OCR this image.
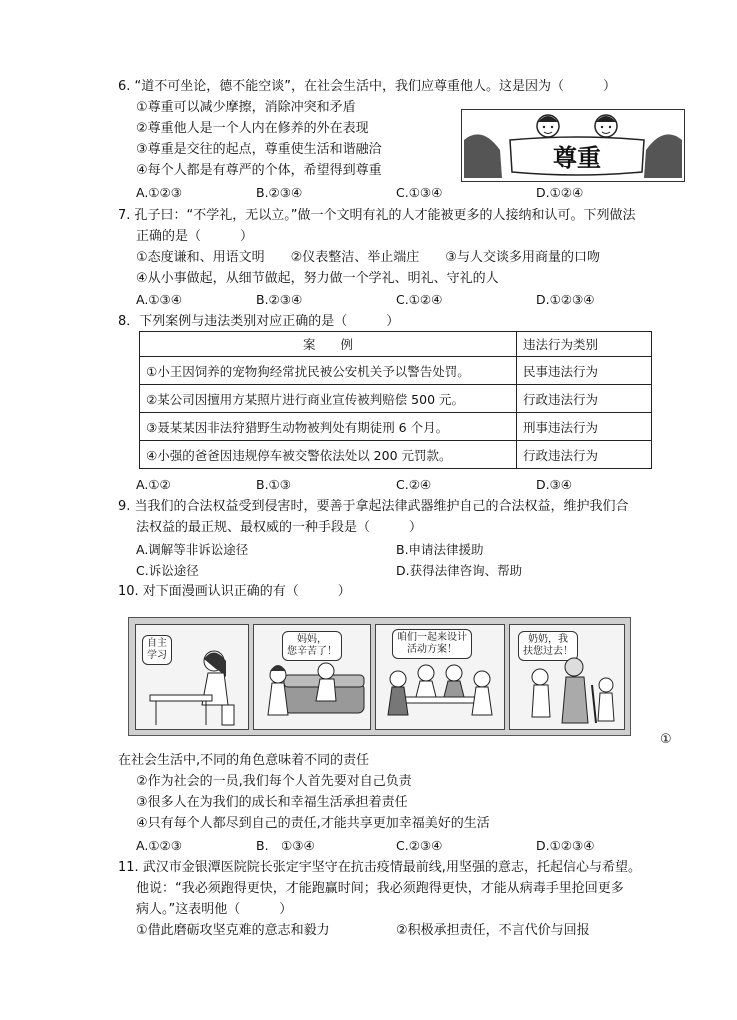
6. “道不可坐论，德不能空谈”，在社会生活中，我们应尊重他人。这是因为（　　　）
①尊重可以减少摩擦，消除冲突和矛盾
②尊重他人是一个人内在修养的外在表现
③尊重是交往的起点，尊重使生活和谐融洽
④每个人都是有尊严的个体，希望得到尊重
A.①②③	B.②③④	C.①③④	D.①②④
尊重
7. 孔子曰：“不学礼，无以立。”做一个文明有礼的人才能被更多的人接纳和认可。下列做法
正确的是（　　　）
①态度谦和、用语文明　　②仪表整洁、举止端庄　　③与人交谈多用商量的口吻
④从小事做起，从细节做起，努力做一个学礼、明礼、守礼的人
A.①③④	B.②③④	C.①②④	D.①②③④
8．下列案例与违法类别对应正确的是（　　　）
案　　例	违法行为类别
①小王因饲养的宠物狗经常扰民被公安机关予以警告处罚。	民事违法行为
②某公司因擅用方某照片进行商业宣传被判赔偿 500 元。	行政违法行为
③聂某某因非法狩猎野生动物被判处有期徒刑 6 个月。	刑事违法行为
④小强的爸爸因违规停车被交警依法处以 200 元罚款。	行政违法行为
A.①②	B.①③	C.②④	D.③④
9. 当我们的合法权益受到侵害时，要善于拿起法律武器维护自己的合法权益，维护我们合
法权益的最正规、最权威的一种手段是（　　　）
A.调解等非诉讼途径	B.申请法律援助
C.诉讼途径	D.获得法律咨询、帮助
10. 对下面漫画认识正确的有（　　　）
自主
学习
妈妈，
您辛苦了！
咱们一起来设计
活动方案！
奶奶，我
扶您过去！
①
在社会生活中,不同的角色意味着不同的责任
②作为社会的一员,我们每个人首先要对自己负责
③很多人在为我们的成长和幸福生活承担着责任
④只有每个人都尽到自己的责任,才能共享更加幸福美好的生活
A.①②③	B.　①③④	C.②③④	D.①②③④
11. 武汉市金银潭医院院长张定宇坚守在抗击疫情最前线,用坚强的意志，托起信心与希望。
他说：“我必须跑得更快，才能跑赢时间；我必须跑得更快，才能从病毒手里抢回更多
病人。”这表明他（　　　）
①借此磨砺攻坚克难的意志和毅力	②积极承担责任，不言代价与回报
